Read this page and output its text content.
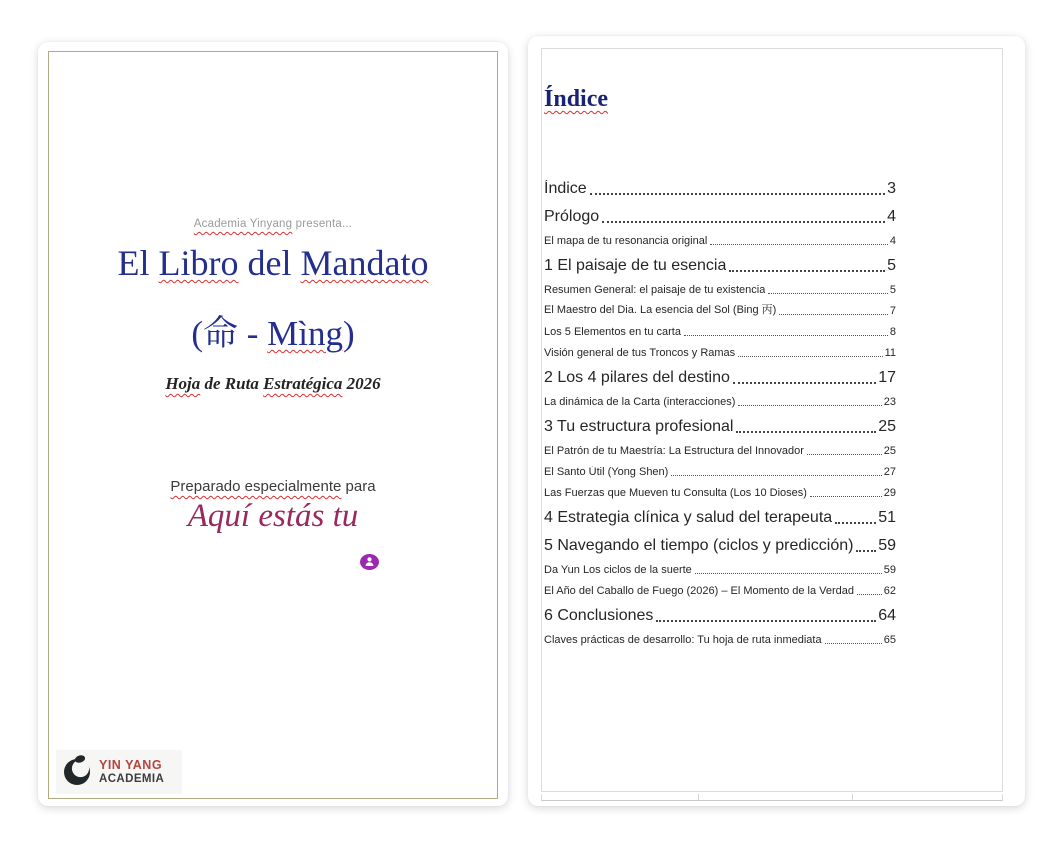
Academia Yinyang presenta...
El Libro del Mandato
(命 - Mìng)
Hoja de Ruta Estratégica 2026
Preparado especialmente para
Aquí estás tu
YIN YANG
ACADEMIA
Índice
Índice	3
Prólogo	4
El mapa de tu resonancia original	4
1 El paisaje de tu esencia	5
Resumen General: el paisaje de tu existencia	5
El Maestro del Dia. La esencia del Sol (Bing 丙)	7
Los 5 Elementos en tu carta	8
Visión general de tus Troncos y Ramas	11
2 Los 4 pilares del destino	17
La dinámica de la Carta (interacciones)	23
3 Tu estructura profesional	25
El Patrón de tu Maestría: La Estructura del Innovador	25
El Santo Útil (Yong Shen)	27
Las Fuerzas que Mueven tu Consulta (Los 10 Dioses)	29
4 Estrategia clínica y salud del terapeuta	51
5 Navegando el tiempo (ciclos y predicción) 59
Da Yun Los ciclos de la suerte	59
El Año del Caballo de Fuego (2026) – El Momento de la Verdad	62
6 Conclusiones	64
Claves prácticas de desarrollo: Tu hoja de ruta inmediata	65
